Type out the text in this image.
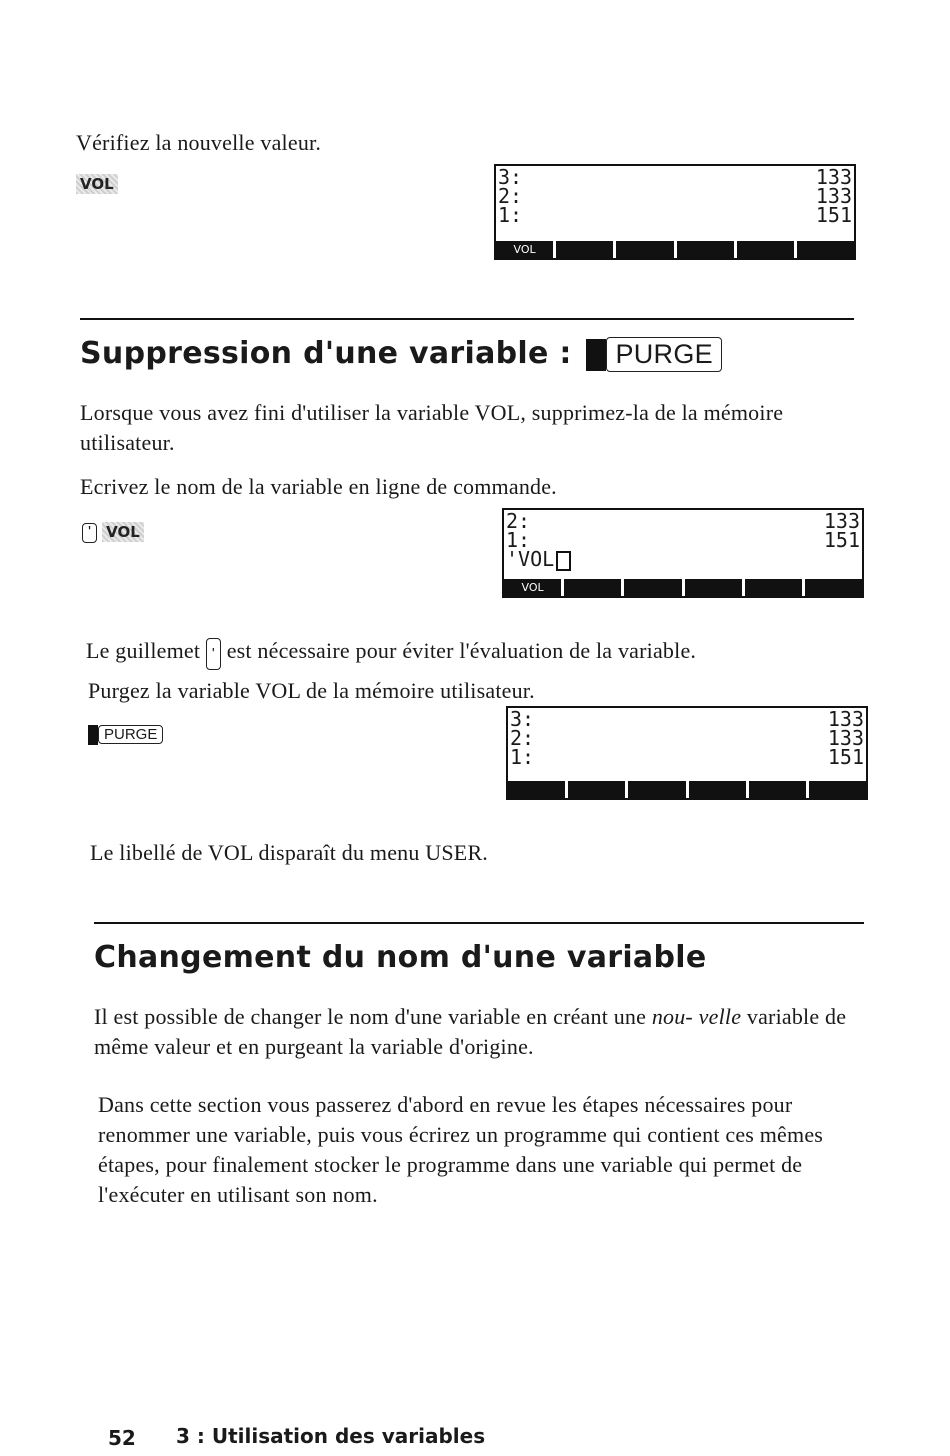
Vérifiez la nouvelle valeur.
VOL	3:	133
2:	133
1:	151
VOL
Suppression d'une variable : PURGE
Lorsque vous avez fini d'utiliser la variable VOL, supprimez-la de la mémoire utilisateur.
Ecrivez le nom de la variable en ligne de commande.
' VOL	2:	133
1:	151
'VOL
VOL
Le guillemet ' est nécessaire pour éviter l'évaluation de la variable.
Purgez la variable VOL de la mémoire utilisateur.
PURGE
3:	133
2:	133
1:	151
Le libellé de VOL disparaît du menu USER.
Changement du nom d'une variable
Il est possible de changer le nom d'une variable en créant une nou- velle variable de même valeur et en purgeant la variable d'origine.
Dans cette section vous passerez d'abord en revue les étapes nécessaires pour renommer une variable, puis vous écrirez un programme qui contient ces mêmes étapes, pour finalement stocker le programme dans une variable qui permet de l'exécuter en utilisant son nom.
52 3 : Utilisation des variables
